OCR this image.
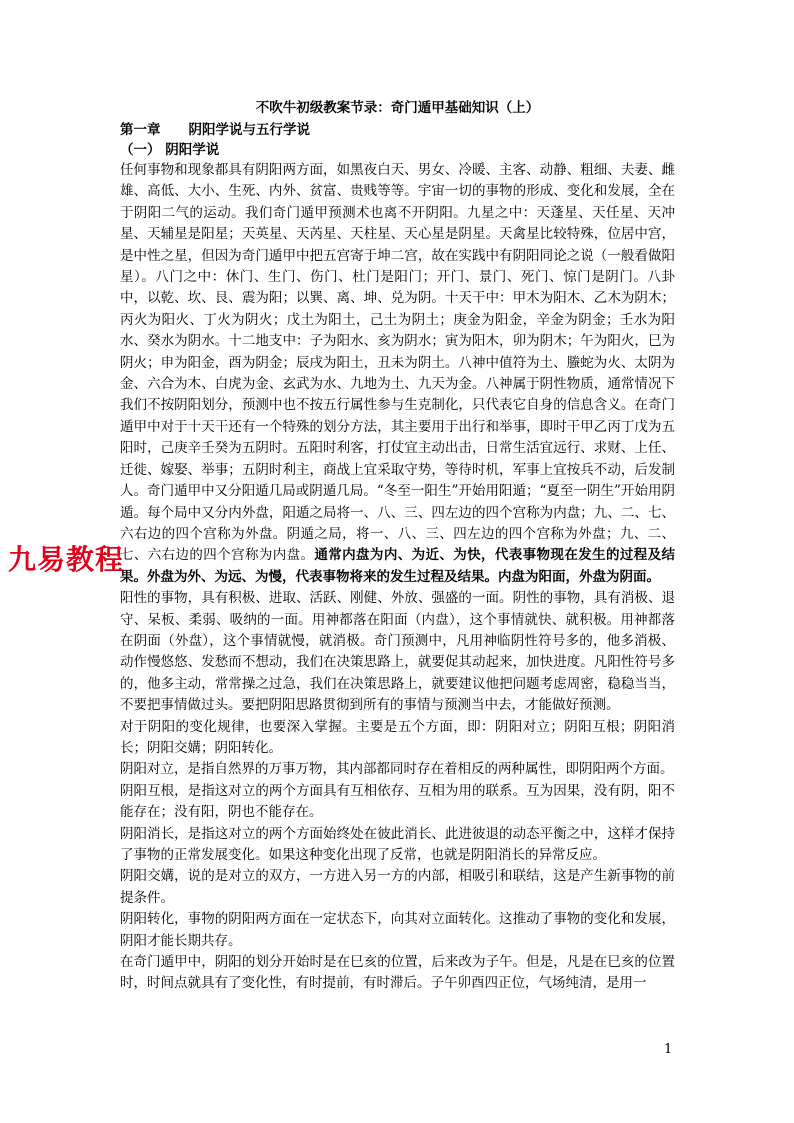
不吹牛初级教案节录：奇门遁甲基础知识（上）
第一章 阴阳学说与五行学说
（一） 阴阳学说

任何事物和现象都具有阴阳两方面，如黑夜白天、男女、冷暖、主客、动静、粗细、夫妻、雌雄、高低、大小、生死、内外、贫富、贵贱等等。宇宙一切的事物的形成、变化和发展，全在于阴阳二气的运动。我们奇门遁甲预测术也离不开阴阳。九星之中：天蓬星、天任星、天冲星、天辅星是阳星；天英星、天芮星、天柱星、天心星是阴星。天禽星比较特殊，位居中宫，是中性之星，但因为奇门遁甲中把五宫寄于坤二宫，故在实践中有阴阳同论之说（一般看做阳星）。八门之中：休门、生门、伤门、杜门是阳门；开门、景门、死门、惊门是阴门。八卦中，以乾、坎、艮、震为阳；以巽、离、坤、兑为阴。十天干中：甲木为阳木、乙木为阴木；丙火为阳火、丁火为阴火；戊土为阳土，己土为阴土；庚金为阳金，辛金为阴金；壬水为阳水、癸水为阴水。十二地支中：子为阳水、亥为阴水；寅为阳木，卯为阴木；午为阳火，巳为阴火；申为阳金，酉为阴金；辰戌为阳土，丑未为阴土。八神中值符为土、螣蛇为火、太阴为金、六合为木、白虎为金、玄武为水、九地为土、九天为金。八神属于阴性物质，通常情况下我们不按阴阳划分，预测中也不按五行属性参与生克制化，只代表它自身的信息含义。在奇门遁甲中对于十天干还有一个特殊的划分方法，其主要用于出行和举事，即时干甲乙丙丁戊为五阳时，己庚辛壬癸为五阴时。五阳时利客，打仗宜主动出击，日常生活宜远行、求财、上任、迁徙、嫁娶、举事；五阴时利主，商战上宜采取守势，等待时机，军事上宜按兵不动，后发制人。奇门遁甲中又分阳遁几局或阴遁几局。“冬至一阳生”开始用阳遁；“夏至一阴生”开始用阴遁。每个局中又分内外盘，阳遁之局将一、八、三、四左边的四个宫称为内盘；九、二、七、六右边的四个宫称为外盘。阴遁之局，将一、八、三、四左边的四个宫称为外盘；九、二、七、六右边的四个宫称为内盘。通常内盘为内、为近、为快，代表事物现在发生的过程及结果。外盘为外、为远、为慢，代表事物将来的发生过程及结果。内盘为阳面，外盘为阴面。

阳性的事物，具有积极、进取、活跃、刚健、外放、强盛的一面。阴性的事物，具有消极、退守、呆板、柔弱、吸纳的一面。用神都落在阳面（内盘），这个事情就快、就积极。用神都落在阴面（外盘），这个事情就慢，就消极。奇门预测中，凡用神临阴性符号多的，他多消极、动作慢悠悠、发愁而不想动，我们在决策思路上，就要促其动起来，加快进度。凡阳性符号多的，他多主动，常常操之过急，我们在决策思路上，就要建议他把问题考虑周密，稳稳当当，不要把事情做过头。要把阴阳思路贯彻到所有的事情与预测当中去，才能做好预测。

对于阴阳的变化规律，也要深入掌握。主要是五个方面，即：阴阳对立；阴阳互根；阴阳消长；阴阳交媾；阴阳转化。

阴阳对立，是指自然界的万事万物，其内部都同时存在着相反的两种属性，即阴阳两个方面。

阴阳互根，是指这对立的两个方面具有互相依存、互相为用的联系。互为因果，没有阴，阳不能存在；没有阳，阴也不能存在。

阴阳消长，是指这对立的两个方面始终处在彼此消长、此进彼退的动态平衡之中，这样才保持了事物的正常发展变化。如果这种变化出现了反常，也就是阴阳消长的异常反应。

阴阳交媾，说的是对立的双方，一方进入另一方的内部，相吸引和联结，这是产生新事物的前提条件。

阴阳转化，事物的阴阳两方面在一定状态下，向其对立面转化。这推动了事物的变化和发展，阴阳才能长期共存。

在奇门遁甲中，阴阳的划分开始时是在巳亥的位置，后来改为子午。但是，凡是在巳亥的位置时，时间点就具有了变化性，有时提前，有时滞后。子午卯酉四正位，气场纯清，是用一

九易教程
1
